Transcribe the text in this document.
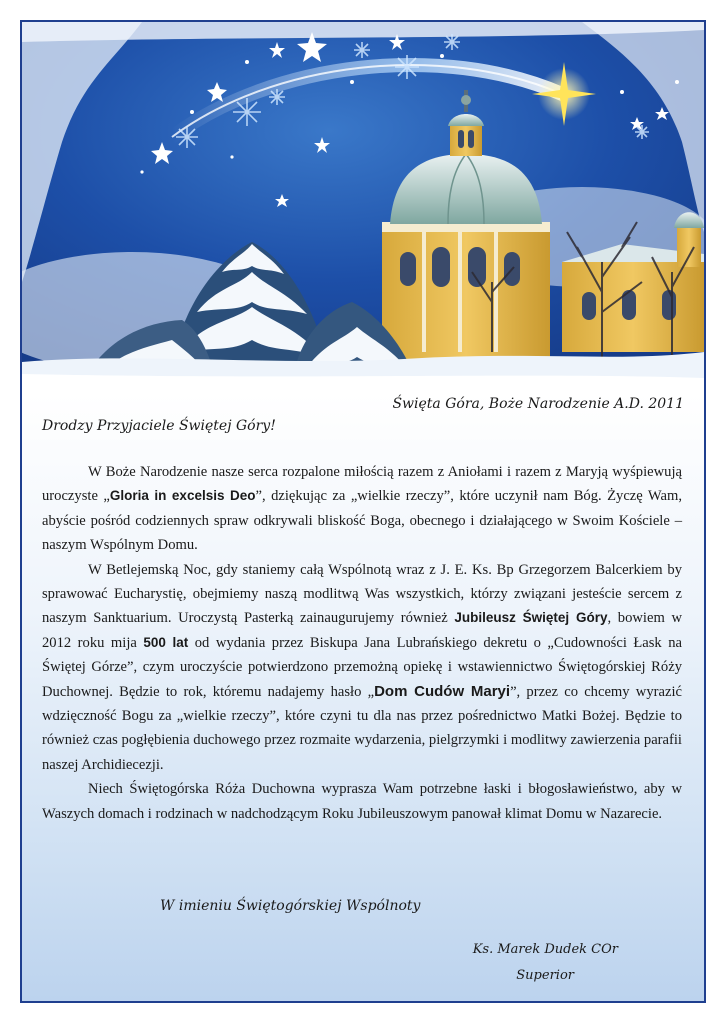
Święta Góra, Boże Narodzenie A.D. 2011
Drodzy Przyjaciele Świętej Góry!

W Boże Narodzenie nasze serca rozpalone miłością razem z Aniołami i razem z Maryją wyśpiewują uroczyste „Gloria in excelsis Deo”, dziękując za „wielkie rzeczy”, które uczynił nam Bóg. Życzę Wam, abyście pośród codziennych spraw odkrywali bliskość Boga, obecnego i działającego w Swoim Kościele – naszym Wspólnym Domu.

W Betlejemską Noc, gdy staniemy całą Wspólnotą wraz z J. E. Ks. Bp Grzegorzem Balcerkiem by sprawować Eucharystię, obejmiemy naszą modlitwą Was wszystkich, którzy związani jesteście sercem z naszym Sanktuarium. Uroczystą Pasterką zainaugurujemy również Jubileusz Świętej Góry, bowiem w 2012 roku mija 500 lat od wydania przez Biskupa Jana Lubrańskiego dekretu o „Cudowności Łask na Świętej Górze”, czym uroczyście potwierdzono przemożną opiekę i wstawiennictwo Świętogórskiej Róży Duchownej. Będzie to rok, któremu nadajemy hasło „Dom Cudów Maryi”, przez co chcemy wyrazić wdzięczność Bogu za „wielkie rzeczy”, które czyni tu dla nas przez pośrednictwo Matki Bożej. Będzie to również czas pogłębienia duchowego przez rozmaite wydarzenia, pielgrzymki i modlitwy zawierzenia parafii naszej Archidiecezji.

Niech Świętogórska Róża Duchowna wyprasza Wam potrzebne łaski i błogosławieństwo, aby w Waszych domach i rodzinach w nadchodzącym Roku Jubileuszowym panował klimat Domu w Nazarecie.

W imieniu Świętogórskiej Wspólnoty
Ks. Marek Dudek COr
Superior
